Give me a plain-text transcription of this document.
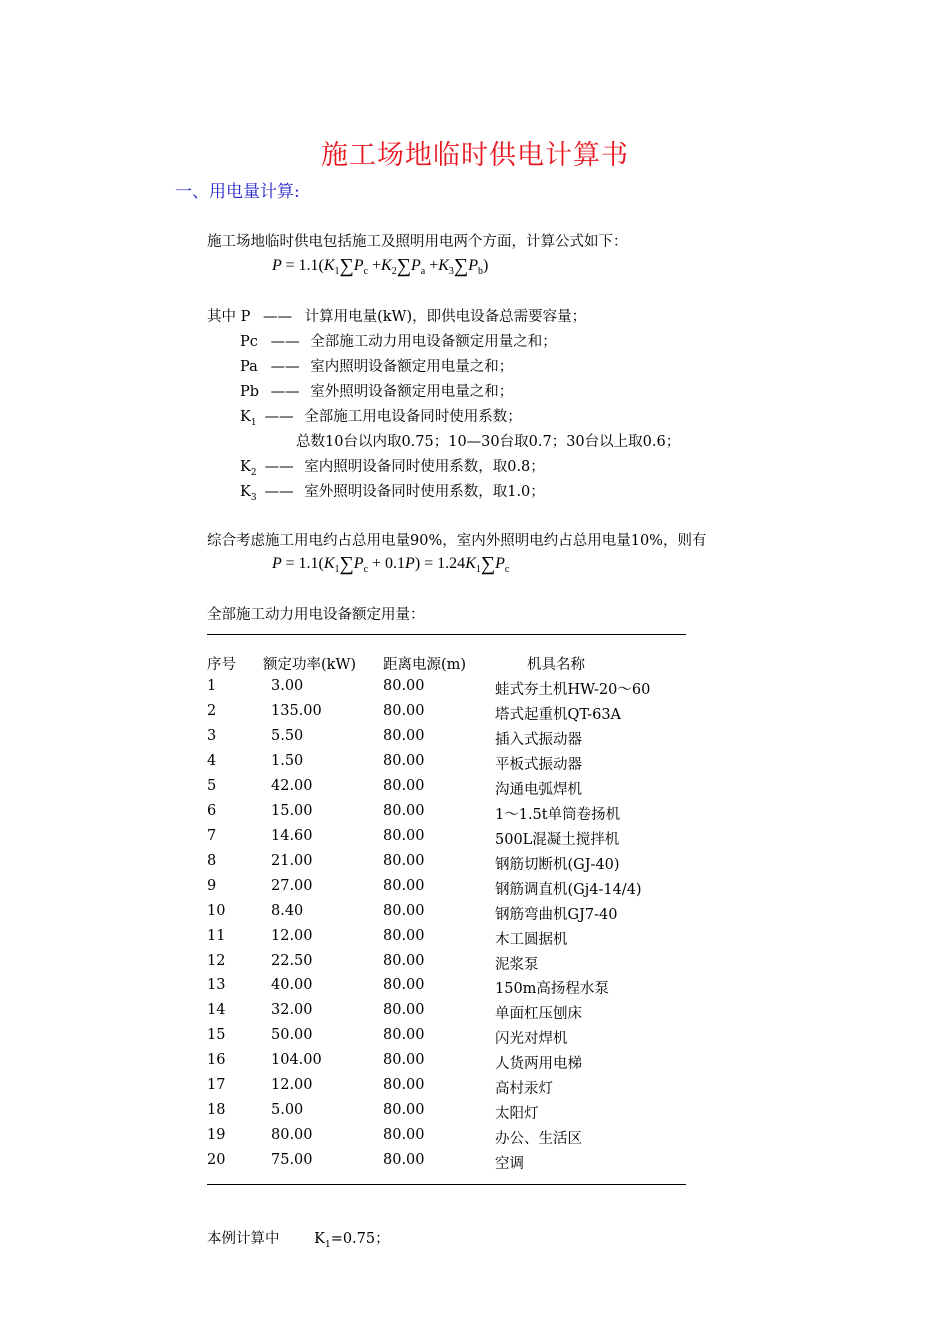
施工场地临时供电计算书
一、用电量计算:
施工场地临时供电包括施工及照明用电两个方面，计算公式如下：
$P = 1.1(K_1\sum P_c +K_2\sum P_a +K_3\sum P_b)$
其中 P —— 计算用电量(kW)，即供电设备总需要容量；
Pc —— 全部施工动力用电设备额定用量之和；
Pa —— 室内照明设备额定用电量之和；
Pb —— 室外照明设备额定用电量之和；
$K_1$ —— 全部施工用电设备同时使用系数；
总数10台以内取0.75；10—30台取0.7；30台以上取0.6；
$K_2$ —— 室内照明设备同时使用系数，取0.8；
$K_3$ —— 室外照明设备同时使用系数，取1.0；
综合考虑施工用电约占总用电量90%，室内外照明电约占总用电量10%，则有
$P = 1.1(K_1\sum P_c + 0.1P) = 1.24K_1\sum P_c$
全部施工动力用电设备额定用量：
序号 额定功率(kW) 距离电源(m)	机具名称
1	3.00	80.00	蛙式夯土机HW-20～60
2	135.00	80.00	塔式起重机QT-63A
3	5.50	80.00	插入式振动器
4	1.50	80.00	平板式振动器
5	42.00	80.00	沟通电弧焊机
6	15.00	80.00	1～1.5t单筒卷扬机
7	14.60	80.00	500L混凝土搅拌机
8	21.00	80.00	钢筋切断机(GJ-40)
9	27.00	80.00	钢筋调直机(Gj4-14/4)
10	8.40	80.00	钢筋弯曲机GJ7-40
11	12.00	80.00	木工圆据机
12	22.50	80.00	泥浆泵
13	40.00	80.00	150m高扬程水泵
14	32.00	80.00	单面杠压刨床
15	50.00	80.00	闪光对焊机
16	104.00	80.00	人货两用电梯
17	12.00	80.00	高村汞灯
18	5.00	80.00	太阳灯
19	80.00	80.00	办公、生活区
20	75.00	80.00	空调
本例计算中 $K_1=0.75$；
